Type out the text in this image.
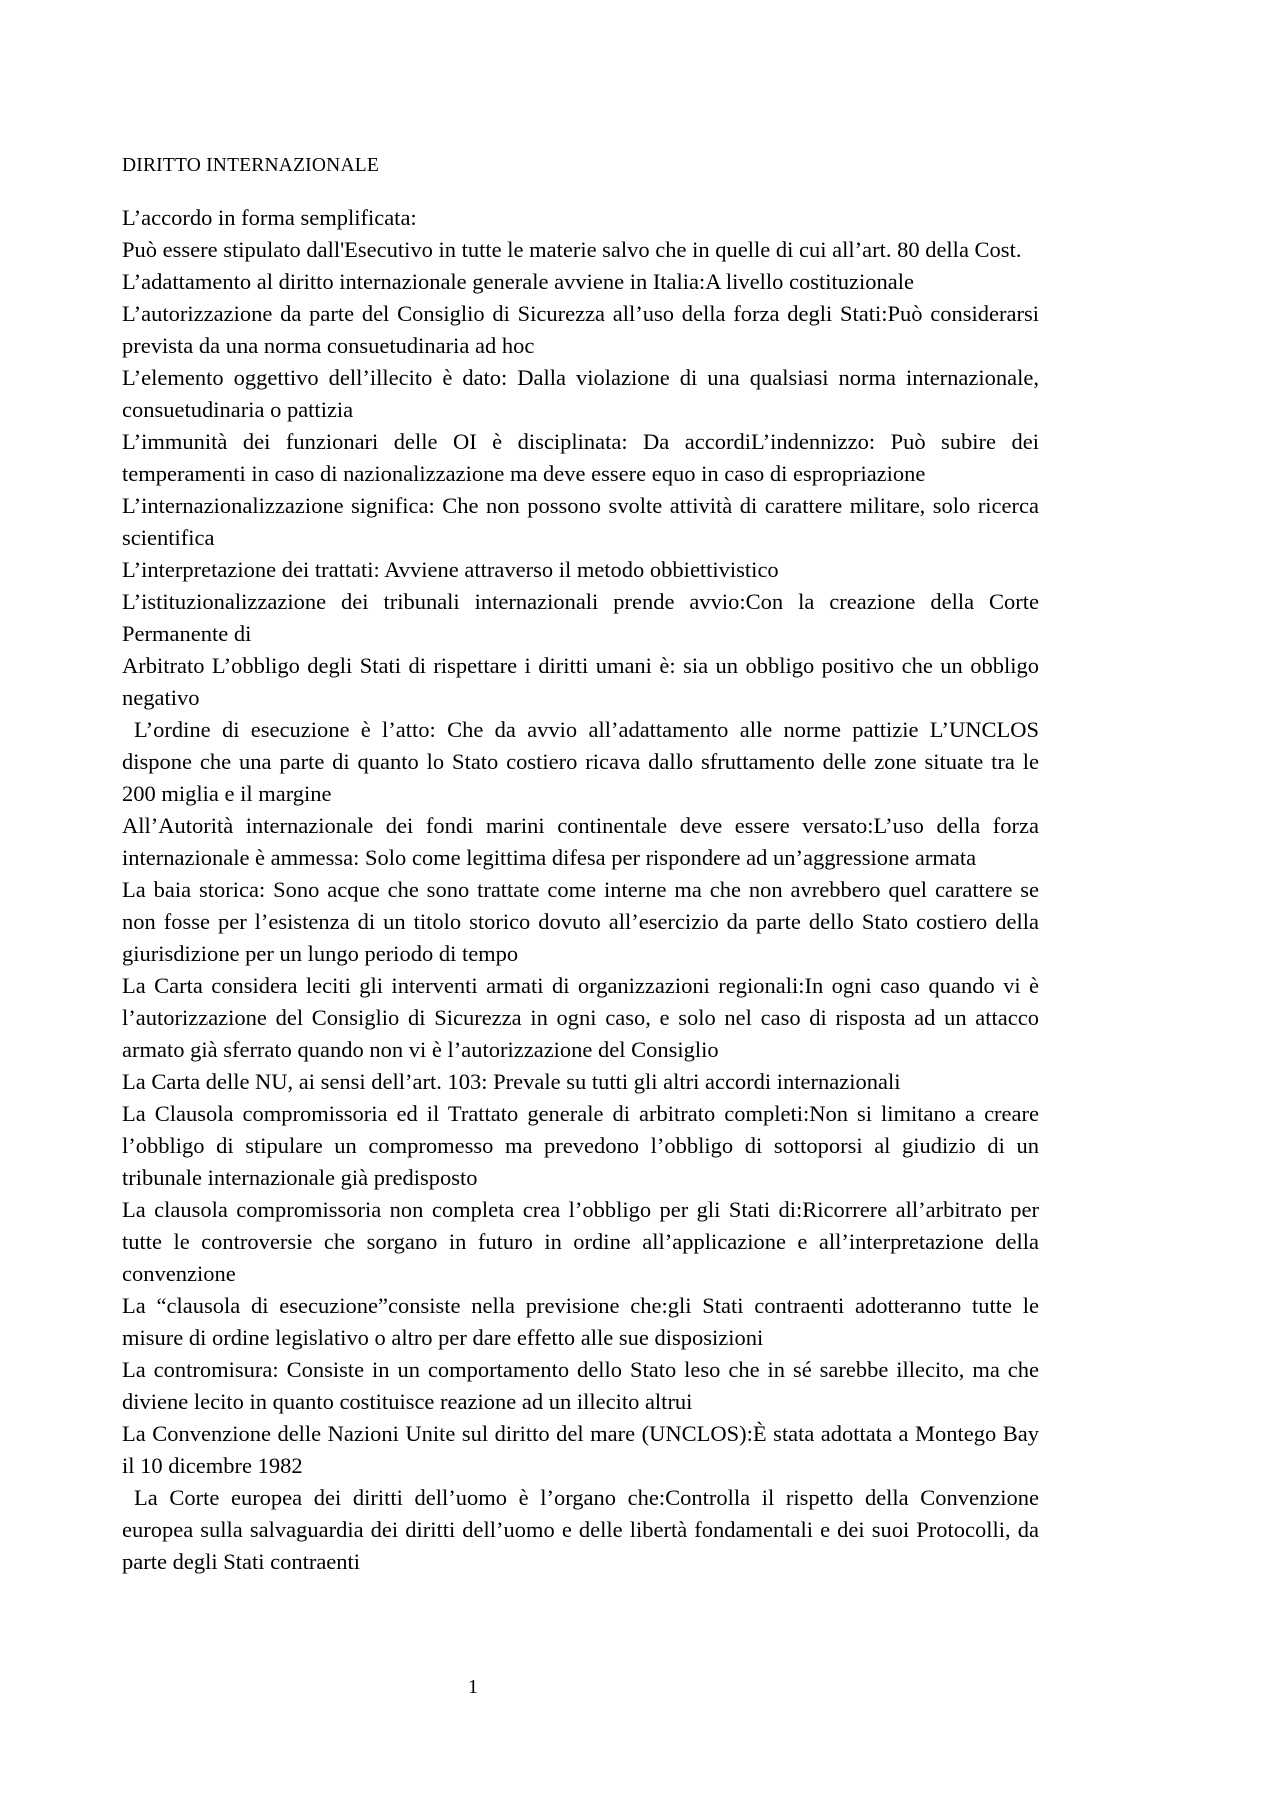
DIRITTO INTERNAZIONALE

L’accordo in forma semplificata:

Può essere stipulato dall'Esecutivo in tutte le materie salvo che in quelle di cui all’art. 80 della Cost.

L’adattamento al diritto internazionale generale avviene in Italia:A livello costituzionale

L’autorizzazione da parte del Consiglio di Sicurezza all’uso della forza degli Stati:Può considerarsi prevista da una norma consuetudinaria ad hoc

L’elemento oggettivo dell’illecito è dato: Dalla violazione di una qualsiasi norma internazionale, consuetudinaria o pattizia

L’immunità dei funzionari delle OI è disciplinata: Da accordiL’indennizzo: Può subire dei temperamenti in caso di nazionalizzazione ma deve essere equo in caso di espropriazione

L’internazionalizzazione significa: Che non possono svolte attività di carattere militare, solo ricerca scientifica

L’interpretazione dei trattati: Avviene attraverso il metodo obbiettivistico

L’istituzionalizzazione dei tribunali internazionali prende avvio:Con la creazione della Corte Permanente di

Arbitrato L’obbligo degli Stati di rispettare i diritti umani è: sia un obbligo positivo che un obbligo negativo

L’ordine di esecuzione è l’atto: Che da avvio all’adattamento alle norme pattizie L’UNCLOS dispone che una parte di quanto lo Stato costiero ricava dallo sfruttamento delle zone situate tra le 200 miglia e il margine

All’Autorità internazionale dei fondi marini continentale deve essere versato:L’uso della forza internazionale è ammessa: Solo come legittima difesa per rispondere ad un’aggressione armata

La baia storica: Sono acque che sono trattate come interne ma che non avrebbero quel carattere se non fosse per l’esistenza di un titolo storico dovuto all’esercizio da parte dello Stato costiero della giurisdizione per un lungo periodo di tempo

La Carta considera leciti gli interventi armati di organizzazioni regionali:In ogni caso quando vi è l’autorizzazione del Consiglio di Sicurezza in ogni caso, e solo nel caso di risposta ad un attacco armato già sferrato quando non vi è l’autorizzazione del Consiglio

La Carta delle NU, ai sensi dell’art. 103: Prevale su tutti gli altri accordi internazionali

La Clausola compromissoria ed il Trattato generale di arbitrato completi:Non si limitano a creare l’obbligo di stipulare un compromesso ma prevedono l’obbligo di sottoporsi al giudizio di un tribunale internazionale già predisposto

La clausola compromissoria non completa crea l’obbligo per gli Stati di:Ricorrere all’arbitrato per tutte le controversie che sorgano in futuro in ordine all’applicazione e all’interpretazione della convenzione

La “clausola di esecuzione”consiste nella previsione che:gli Stati contraenti adotteranno tutte le misure di ordine legislativo o altro per dare effetto alle sue disposizioni

La contromisura: Consiste in un comportamento dello Stato leso che in sé sarebbe illecito, ma che diviene lecito in quanto costituisce reazione ad un illecito altrui

La Convenzione delle Nazioni Unite sul diritto del mare (UNCLOS):È stata adottata a Montego Bay il 10 dicembre 1982

La Corte europea dei diritti dell’uomo è l’organo che:Controlla il rispetto della Convenzione europea sulla salvaguardia dei diritti dell’uomo e delle libertà fondamentali e dei suoi Protocolli, da parte degli Stati contraenti

1
